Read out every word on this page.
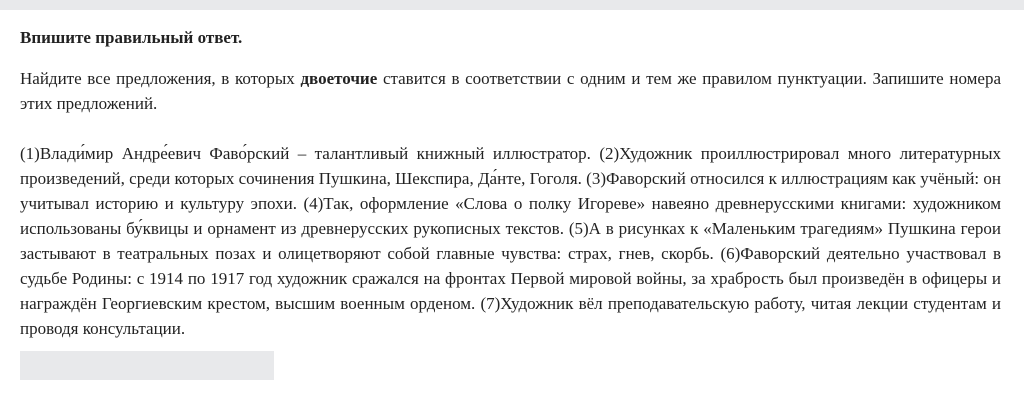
Впишите правильный ответ.

Найдите все предложения, в которых двоеточие ставится в соответствии с одним и тем же правилом пунктуации. Запишите номера этих предложений.

(1)Влади́мир Андре́евич Фаво́рский – талантливый книжный иллюстратор. (2)Художник проиллюстрировал много литературных произведений, среди которых сочинения Пушкина, Шекспира, Да́нте, Гоголя. (3)Фаворский относился к иллюстрациям как учёный: он учитывал историю и культуру эпохи. (4)Так, оформление «Слова о полку Игореве» навеяно древнерусскими книгами: художником использованы бу́квицы и орнамент из древнерусских рукописных текстов. (5)А в рисунках к «Маленьким трагедиям» Пушкина герои застывают в театральных позах и олицетворяют собой главные чувства: страх, гнев, скорбь. (6)Фаворский деятельно участвовал в судьбе Родины: с 1914 по 1917 год художник сражался на фронтах Первой мировой войны, за храбрость был произведён в офицеры и награждён Георгиевским крестом, высшим военным орденом. (7)Художник вёл преподавательскую работу, читая лекции студентам и проводя консультации.
